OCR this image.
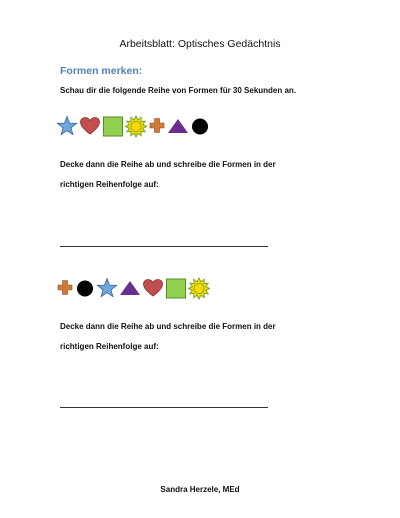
Arbeitsblatt: Optisches Gedächtnis
Formen merken:
Schau dir die folgende Reihe von Formen für 30 Sekunden an.
Decke dann die Reihe ab und schreibe die Formen in der
richtigen Reihenfolge auf:
Decke dann die Reihe ab und schreibe die Formen in der
richtigen Reihenfolge auf:
Sandra Herzele, MEd
